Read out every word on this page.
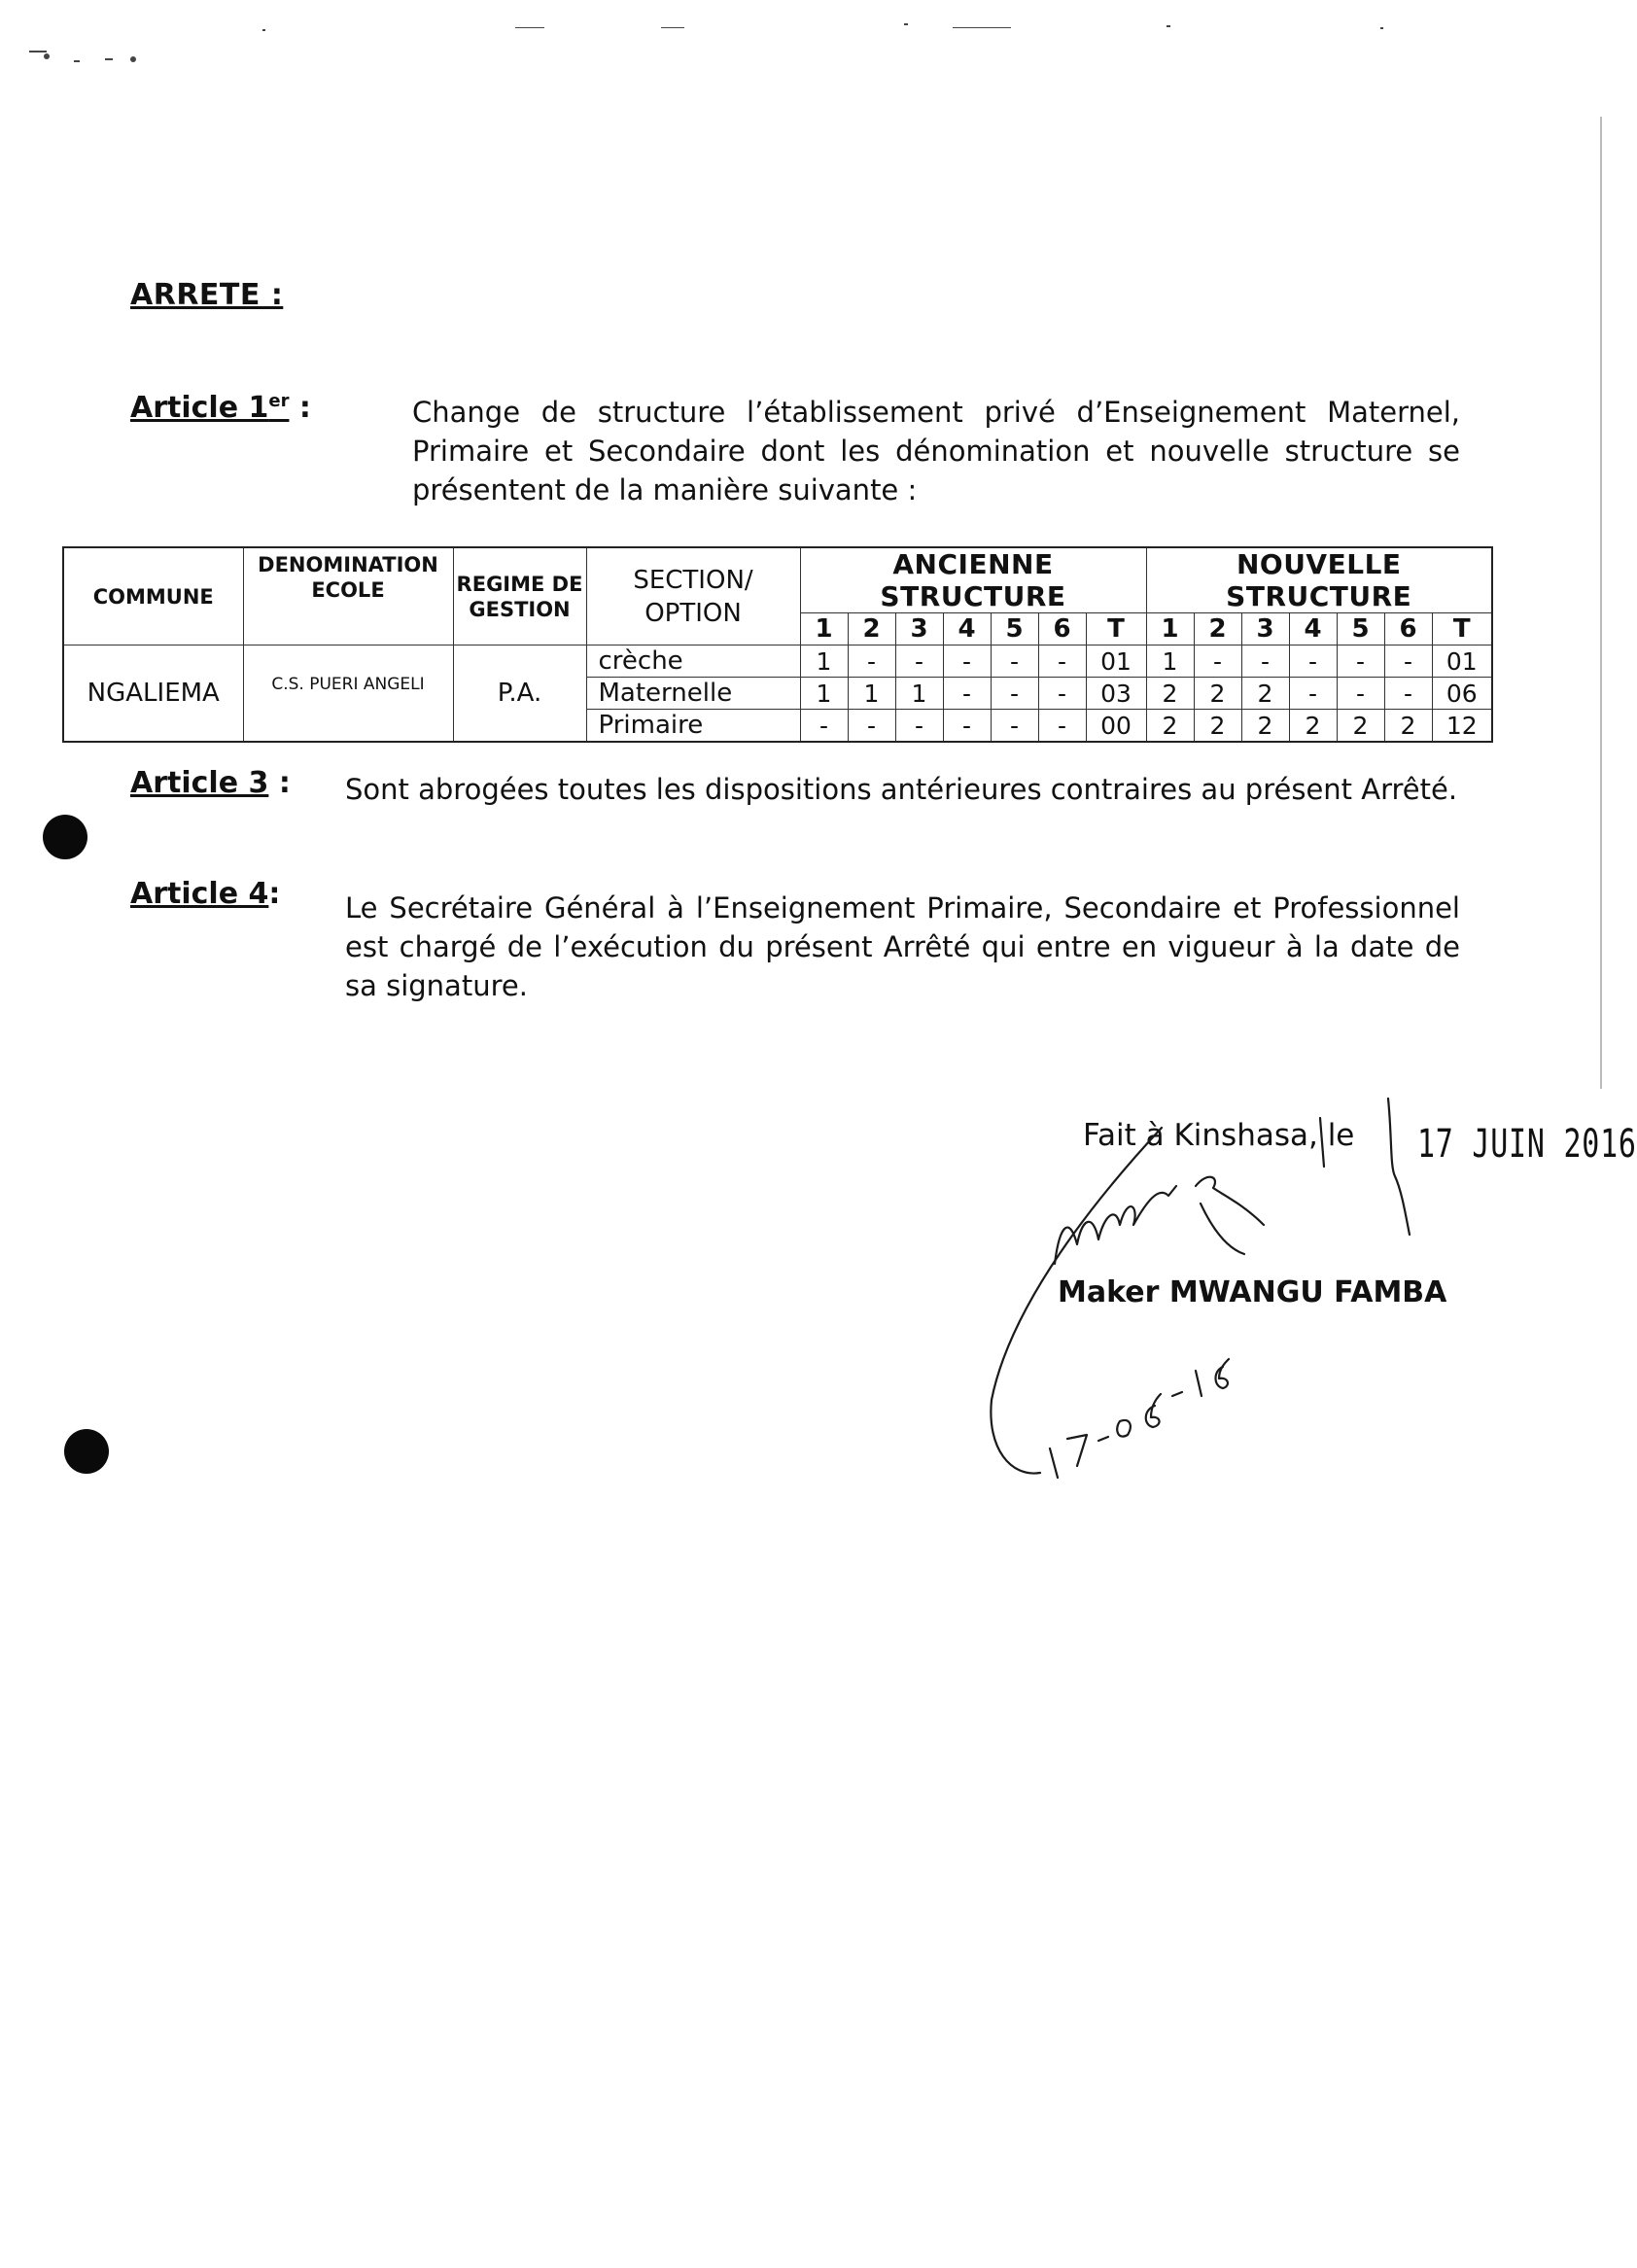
ARRETE :
Article 1er :	Change de structure l’établissement privé d’Enseignement Maternel, Primaire et Secondaire dont les dénomination et nouvelle structure se présentent de la manière suivante :
COMMUNE	DENOMINATION ECOLE	REGIME DE GESTION	SECTION/ OPTION	ANCIENNE STRUCTURE							NOUVELLE STRUCTURE						
				1	2	3	4	5	6	T	1	2	3	4	5	6	T
NGALIEMA	C.S. PUERI ANGELI	P.A.	crèche	1	-	-	-	-	-	01	1	-	-	-	-	-	01
			Maternelle	1	1	1	-	-	-	03	2	2	2	-	-	-	06
			Primaire	-	-	-	-	-	-	00	2	2	2	2	2	2	12
Article 3 : Sont abrogées toutes les dispositions antérieures contraires au présent Arrêté.
Article 4: Le Secrétaire Général à l’Enseignement Primaire, Secondaire et Professionnel est chargé de l’exécution du présent Arrêté qui entre en vigueur à la date de sa signature.
Fait à Kinshasa, le 17 JUIN 2016
Maker MWANGU FAMBA
